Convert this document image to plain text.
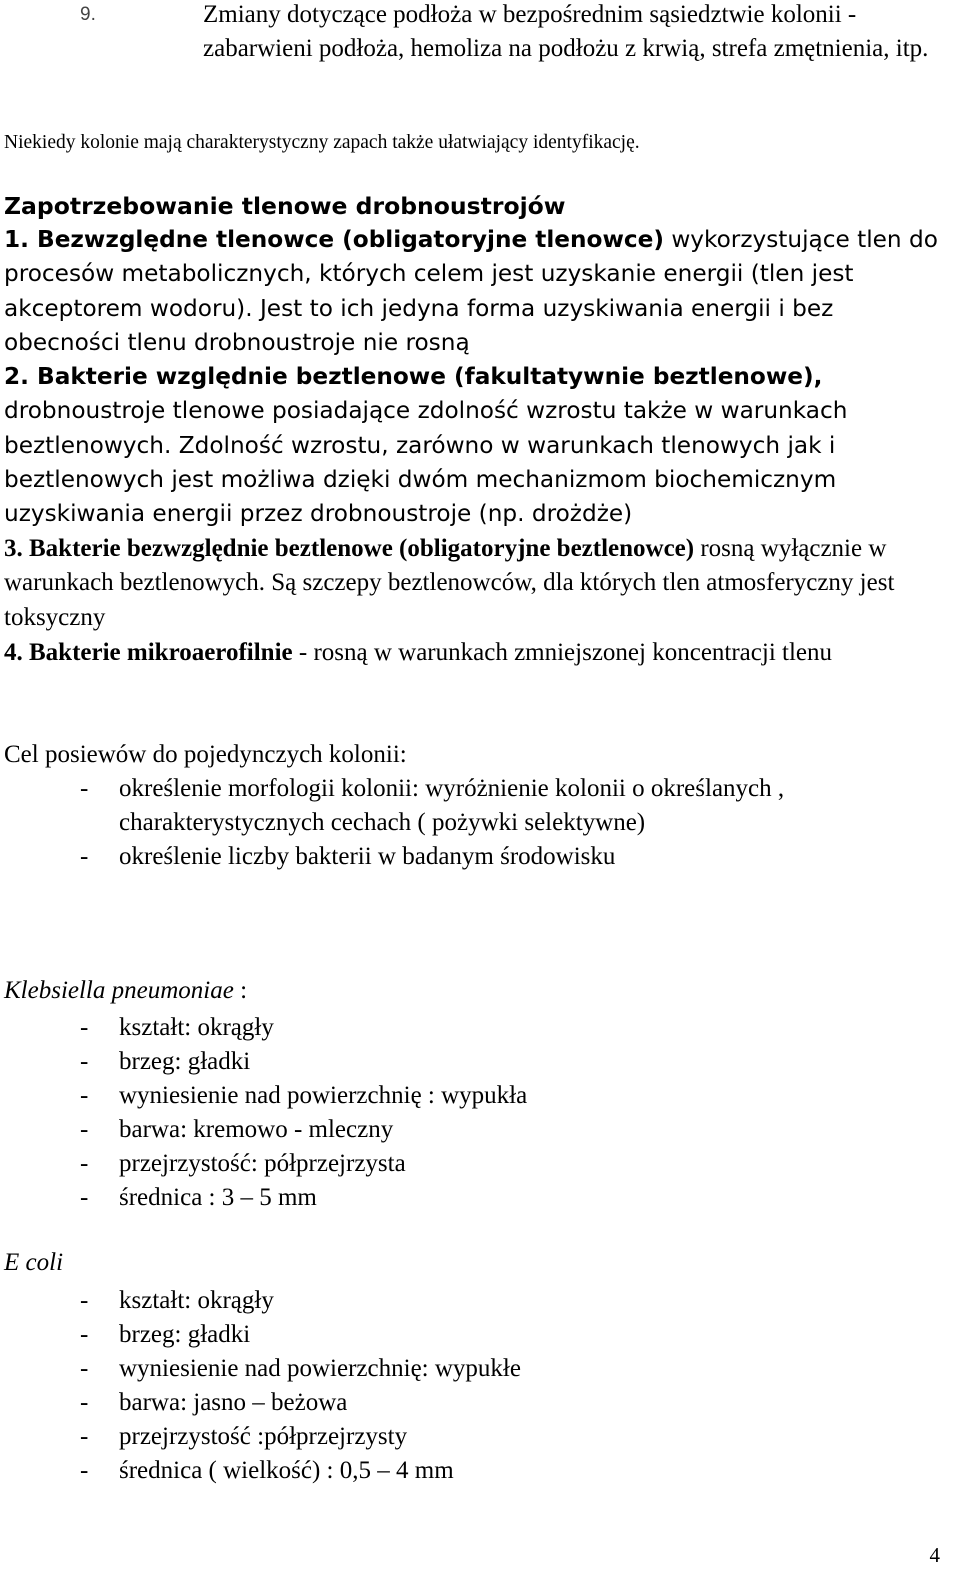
9.	Zmiany dotyczące podłoża w bezpośrednim sąsiedztwie kolonii - zabarwieni podłoża, hemoliza na podłożu z krwią, strefa zmętnienia, itp.
Niekiedy kolonie mają charakterystyczny zapach także ułatwiający identyfikację.
Zapotrzebowanie tlenowe drobnoustrojów
1. Bezwzględne tlenowce (obligatoryjne tlenowce) wykorzystujące tlen do procesów metabolicznych, których celem jest uzyskanie energii (tlen jest akceptorem wodoru). Jest to ich jedyna forma uzyskiwania energii i bez obecności tlenu drobnoustroje nie rosną
2. Bakterie względnie beztlenowe (fakultatywnie beztlenowe), drobnoustroje tlenowe posiadające zdolność wzrostu także w warunkach beztlenowych. Zdolność wzrostu, zarówno w warunkach tlenowych jak i beztlenowych jest możliwa dzięki dwóm mechanizmom biochemicznym uzyskiwania energii przez drobnoustroje (np. drożdże)
3. Bakterie bezwzględnie beztlenowe (obligatoryjne beztlenowce) rosną wyłącznie w warunkach beztlenowych. Są szczepy beztlenowców, dla których tlen atmosferyczny jest toksyczny
4. Bakterie mikroaerofilnie - rosną w warunkach zmniejszonej koncentracji tlenu
Cel posiewów do pojedynczych kolonii:
- określenie morfologii kolonii: wyróżnienie kolonii o określanych ,
charakterystycznych cechach ( pożywki selektywne)
- określenie liczby bakterii w badanym środowisku
Klebsiella pneumoniae :
- kształt: okrągły
- brzeg: gładki
- wyniesienie nad powierzchnię : wypukła
- barwa: kremowo - mleczny
- przejrzystość: półprzejrzysta
- średnica : 3 – 5 mm
E coli
- kształt: okrągły
- brzeg: gładki
- wyniesienie nad powierzchnię: wypukłe
- barwa: jasno – beżowa
- przejrzystość :półprzejrzysty
- średnica ( wielkość) : 0,5 – 4 mm
4
